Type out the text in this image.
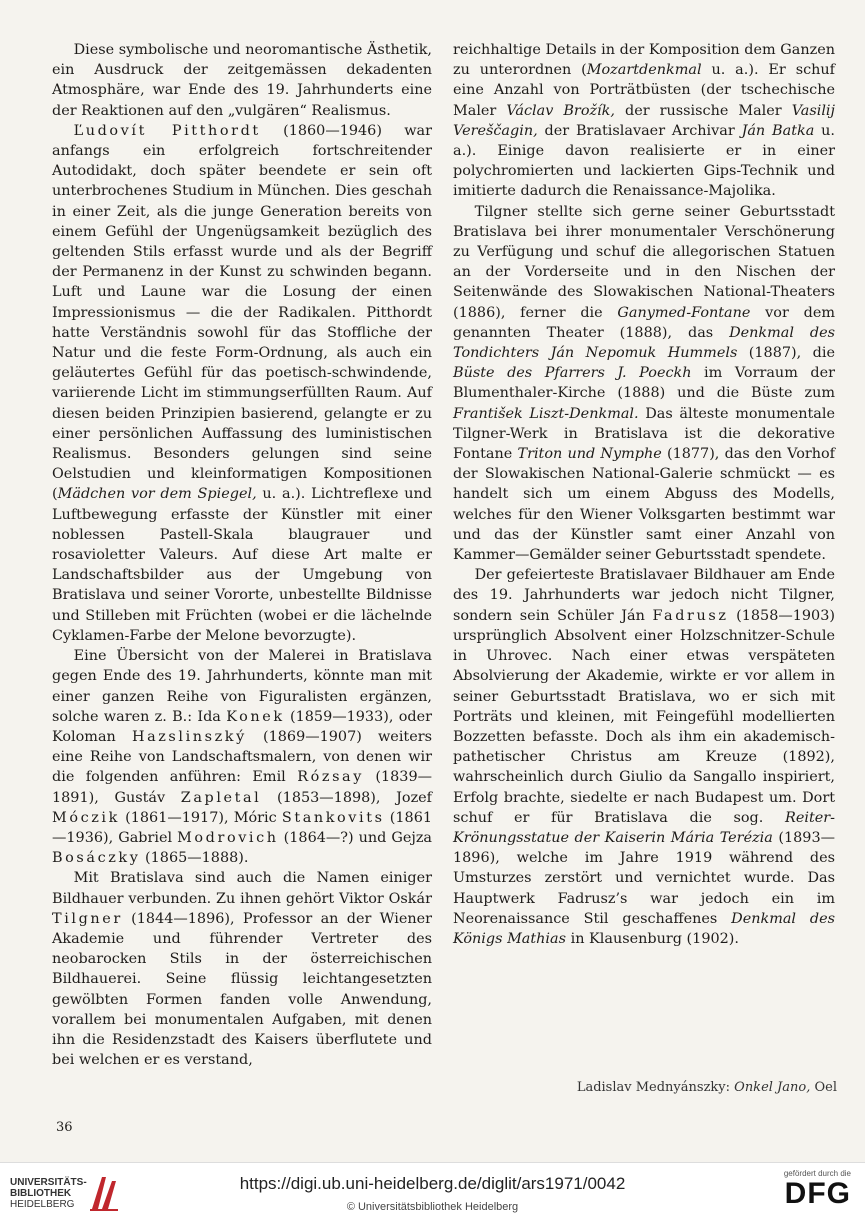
Diese symbolische und neoromantische Ästhetik, ein Ausdruck der zeitgemässen dekadenten Atmosphäre, war Ende des 19. Jahrhunderts eine der Reaktionen auf den „vulgären“ Realismus.

Ľudovít Pitthordt (1860—1946) war anfangs ein erfolgreich fortschreitender Autodidakt, doch später beendete er sein oft unterbrochenes Studium in München. Dies geschah in einer Zeit, als die junge Generation bereits von einem Gefühl der Ungenügsamkeit bezüglich des geltenden Stils erfasst wurde und als der Begriff der Permanenz in der Kunst zu schwinden begann. Luft und Laune war die Losung der einen Impressionismus — die der Radikalen. Pitthordt hatte Verständnis sowohl für das Stoffliche der Natur und die feste Form-Ordnung, als auch ein geläutertes Gefühl für das poetisch-schwindende, variierende Licht im stimmungserfüllten Raum. Auf diesen beiden Prinzipien basierend, gelangte er zu einer persönlichen Auffassung des luministischen Realismus. Besonders gelungen sind seine Oelstudien und kleinformatigen Kompositionen (Mädchen vor dem Spiegel, u. a.). Lichtreflexe und Luftbewegung erfasste der Künstler mit einer noblessen Pastell-Skala blaugrauer und rosavioletter Valeurs. Auf diese Art malte er Landschaftsbilder aus der Umgebung von Bratislava und seiner Vororte, unbestellte Bildnisse und Stilleben mit Früchten (wobei er die lächelnde Cyklamen-Farbe der Melone bevorzugte).

Eine Übersicht von der Malerei in Bratislava gegen Ende des 19. Jahrhunderts, könnte man mit einer ganzen Reihe von Figuralisten ergänzen, solche waren z. B.: Ida Konek (1859—1933), oder Koloman Hazslinszký (1869—1907) weiters eine Reihe von Landschaftsmalern, von denen wir die folgenden anführen: Emil Rózsay (1839—1891), Gustáv Zapletal (1853—1898), Jozef Móczik (1861—1917), Móric Stankovits (1861—1936), Gabriel Modrovich (1864—?) und Gejza Bosáczky (1865—1888).

Mit Bratislava sind auch die Namen einiger Bildhauer verbunden. Zu ihnen gehört Viktor Oskár Tilgner (1844—1896), Professor an der Wiener Akademie und führender Vertreter des neobarocken Stils in der österreichischen Bildhauerei. Seine flüssig leichtangesetzten gewölbten Formen fanden volle Anwendung, vorallem bei monumentalen Aufgaben, mit denen ihn die Residenzstadt des Kaisers überflutete und bei welchen er es verstand,

reichhaltige Details in der Komposition dem Ganzen zu unterordnen (Mozartdenkmal u. a.). Er schuf eine Anzahl von Porträtbüsten (der tschechische Maler Václav Brožík, der russische Maler Vasilij Vereščagin, der Bratislavaer Archivar Ján Batka u. a.). Einige davon realisierte er in einer polychromierten und lackierten Gips-Technik und imitierte dadurch die Renaissance-Majolika.

Tilgner stellte sich gerne seiner Geburtsstadt Bratislava bei ihrer monumentaler Verschönerung zu Verfügung und schuf die allegorischen Statuen an der Vorderseite und in den Nischen der Seitenwände des Slowakischen National-Theaters (1886), ferner die Ganymed-Fontane vor dem genannten Theater (1888), das Denkmal des Tondichters Ján Nepomuk Hummels (1887), die Büste des Pfarrers J. Poeckh im Vorraum der Blumenthaler-Kirche (1888) und die Büste zum František Liszt-Denkmal. Das älteste monumentale Tilgner-Werk in Bratislava ist die dekorative Fontane Triton und Nymphe (1877), das den Vorhof der Slowakischen National-Galerie schmückt — es handelt sich um einem Abguss des Modells, welches für den Wiener Volksgarten bestimmt war und das der Künstler samt einer Anzahl von Kammer—Gemälder seiner Geburtsstadt spendete.

Der gefeierteste Bratislavaer Bildhauer am Ende des 19. Jahrhunderts war jedoch nicht Tilgner, sondern sein Schüler Ján Fadrusz (1858—1903) ursprünglich Absolvent einer Holzschnitzer-Schule in Uhrovec. Nach einer etwas verspäteten Absolvierung der Akademie, wirkte er vor allem in seiner Geburtsstadt Bratislava, wo er sich mit Porträts und kleinen, mit Feingefühl modellierten Bozzetten befasste. Doch als ihm ein akademisch-pathetischer Christus am Kreuze (1892), wahrscheinlich durch Giulio da Sangallo inspiriert, Erfolg brachte, siedelte er nach Budapest um. Dort schuf er für Bratislava die sog. Reiter-Krönungsstatue der Kaiserin Mária Terézia (1893—1896), welche im Jahre 1919 während des Umsturzes zerstört und vernichtet wurde. Das Hauptwerk Fadrusz’s war jedoch ein im Neorenaissance Stil geschaffenes Denkmal des Königs Mathias in Klausenburg (1902).

Ladislav Mednyánszky: Onkel Jano, Oel
36
UNIVERSITÄTS-
BIBLIOTHEK
HEIDELBERG
https://digi.ub.uni-heidelberg.de/diglit/ars1971/0042
© Universitätsbibliothek Heidelberg
gefördert durch die
DFG
